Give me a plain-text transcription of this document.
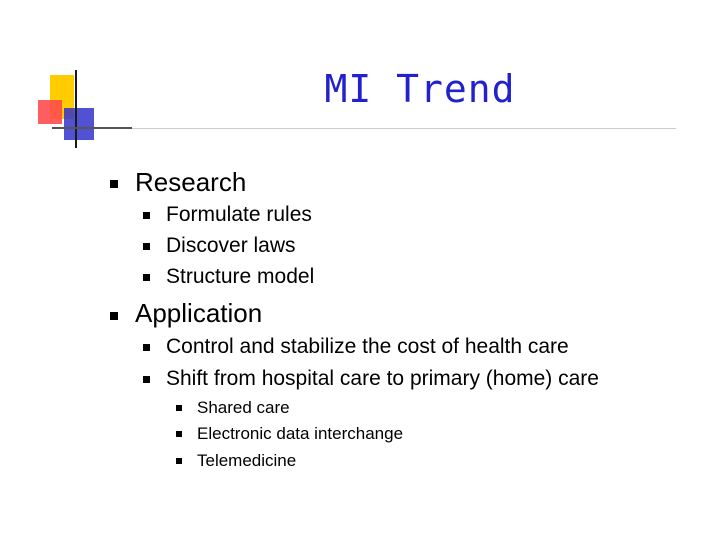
MI Trend
Research
Formulate rules
Discover laws
Structure model
Application
Control and stabilize the cost of health care
Shift from hospital care to primary (home) care
Shared care
Electronic data interchange
Telemedicine
